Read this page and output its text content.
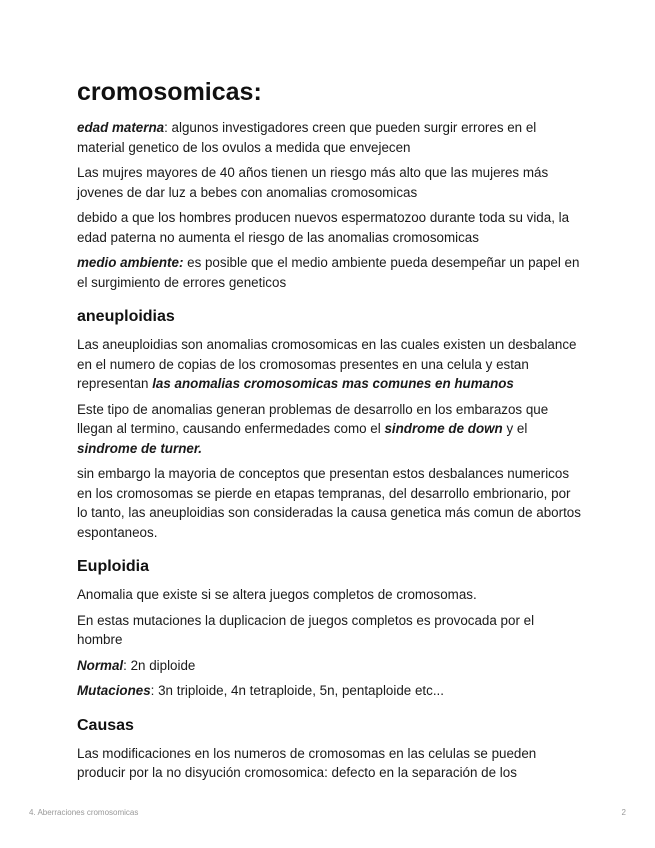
cromosomicas:

edad materna: algunos investigadores creen que pueden surgir errores en el material genetico de los ovulos a medida que envejecen

Las mujres mayores de 40 años tienen un riesgo más alto que las mujeres más jovenes de dar luz a bebes con anomalias cromosomicas

debido a que los hombres producen nuevos espermatozoo durante toda su vida, la edad paterna no aumenta el riesgo de las anomalias cromosomicas

medio ambiente: es posible que el medio ambiente pueda desempeñar un papel en el surgimiento de errores geneticos

aneuploidias

Las aneuploidias son anomalias cromosomicas en las cuales existen un desbalance en el numero de copias de los cromosomas presentes en una celula y estan representan las anomalias cromosomicas mas comunes en humanos

Este tipo de anomalias generan problemas de desarrollo en los embarazos que llegan al termino, causando enfermedades como el sindrome de down y el sindrome de turner.

sin embargo la mayoria de conceptos que presentan estos desbalances numericos en los cromosomas se pierde en etapas tempranas, del desarrollo embrionario, por lo tanto, las aneuploidias son consideradas la causa genetica más comun de abortos espontaneos.

Euploidia

Anomalia que existe si se altera juegos completos de cromosomas.

En estas mutaciones la duplicacion de juegos completos es provocada por el hombre

Normal: 2n diploide

Mutaciones: 3n triploide, 4n tetraploide, 5n, pentaploide etc...

Causas

Las modificaciones en los numeros de cromosomas en las celulas se pueden producir por la no disyución cromosomica: defecto en la separación de los

4. Aberraciones cromosomicas	2
